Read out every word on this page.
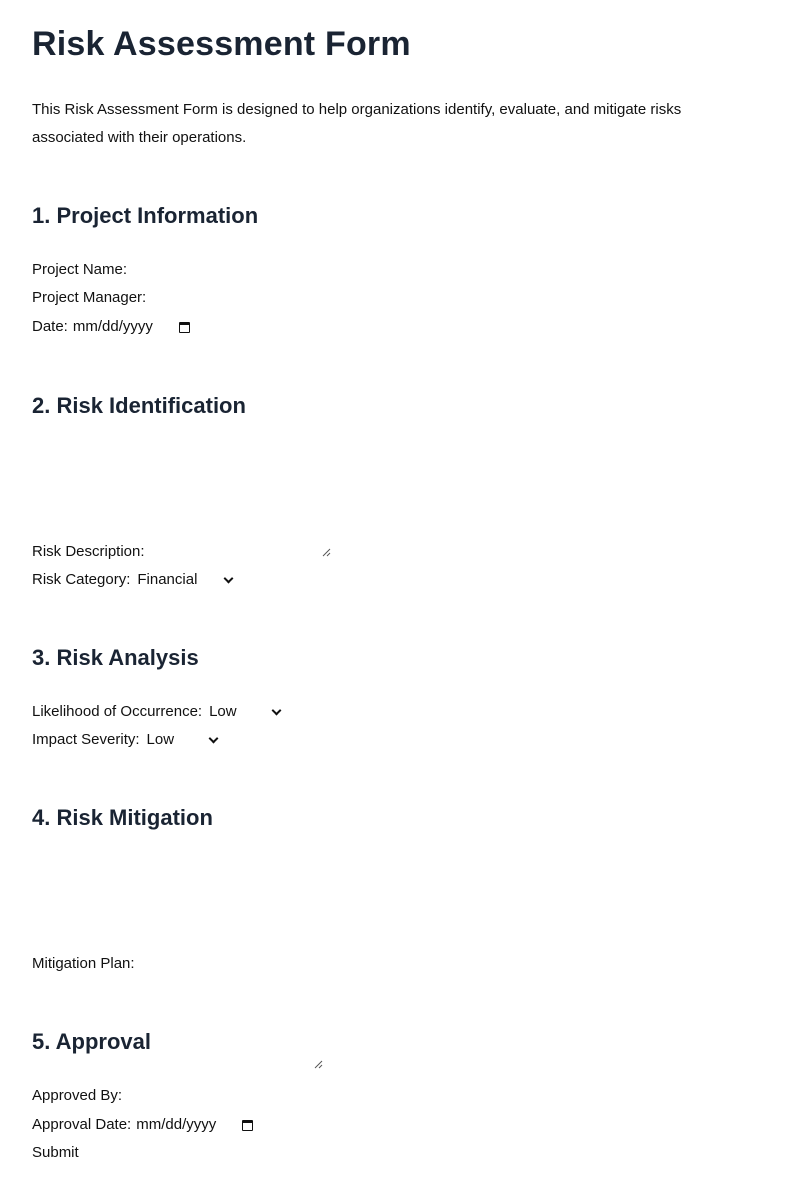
Risk Assessment Form

This Risk Assessment Form is designed to help organizations identify, evaluate, and mitigate risks associated with their operations.

1. Project Information
Project Name:
Project Manager:
Date: mm/dd/yyyy
2. Risk Identification
Risk Description:
Risk Category: Financial
3. Risk Analysis
Likelihood of Occurrence: Low
Impact Severity: Low
4. Risk Mitigation
Mitigation Plan:
5. Approval
Approved By:
Approval Date: mm/dd/yyyy
Submit
